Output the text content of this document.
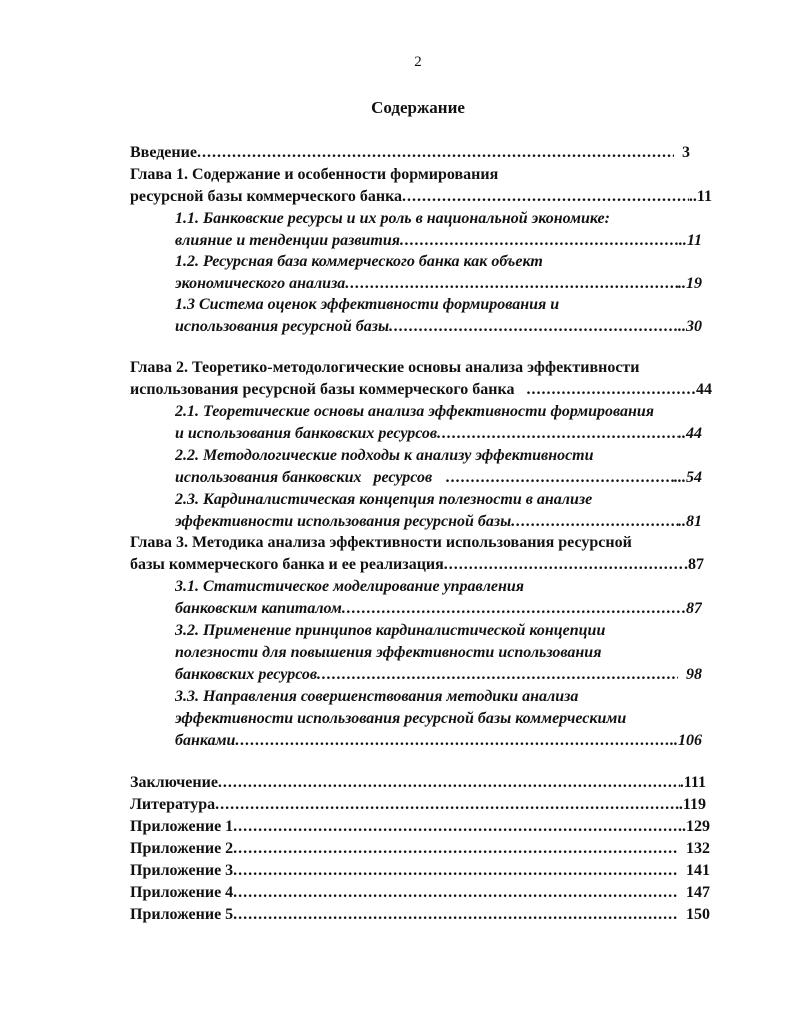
2
Содержание
Введение .....	3
Глава 1. Содержание и особенности формирования
ресурсной базы коммерческого банка .....	..11
1.1. Банковские ресурсы и их роль в национальной экономике:
влияние и тенденции развития .....	..11
1.2. Ресурсная база коммерческого банка как объект
экономического анализа .....	..19
1.3 Система оценок эффективности формирования и
использования ресурсной базы .....	..30
Глава 2. Теоретико-методологические основы анализа эффективности
использования ресурсной базы коммерческого банка .....	44
2.1. Теоретические основы анализа эффективности формирования
и использования банковских ресурсов .....	..44
2.2. Методологические подходы к анализу эффективности
использования банковских   ресурсов .....	...54
2.3. Кардиналистическая концепция полезности в анализе
эффективности использования ресурсной базы .....	..81
Глава 3. Методика анализа эффективности использования ресурсной
базы коммерческого банка и ее реализация .....	.87
3.1. Статистическое моделирование управления
банковским капиталом .....	.87
3.2. Применение принципов кардиналистической концепции
полезности для повышения эффективности использования
банковских ресурсов .....	98
3.3. Направления совершенствования методики анализа
эффективности использования ресурсной базы коммерческими
банками .....	..106
Заключение .....	.111
Литература .....	.119
Приложение 1 .....	..129
Приложение 2 .....	132
Приложение 3 .....	141
Приложение 4 .....	147
Приложение 5 .....	150
